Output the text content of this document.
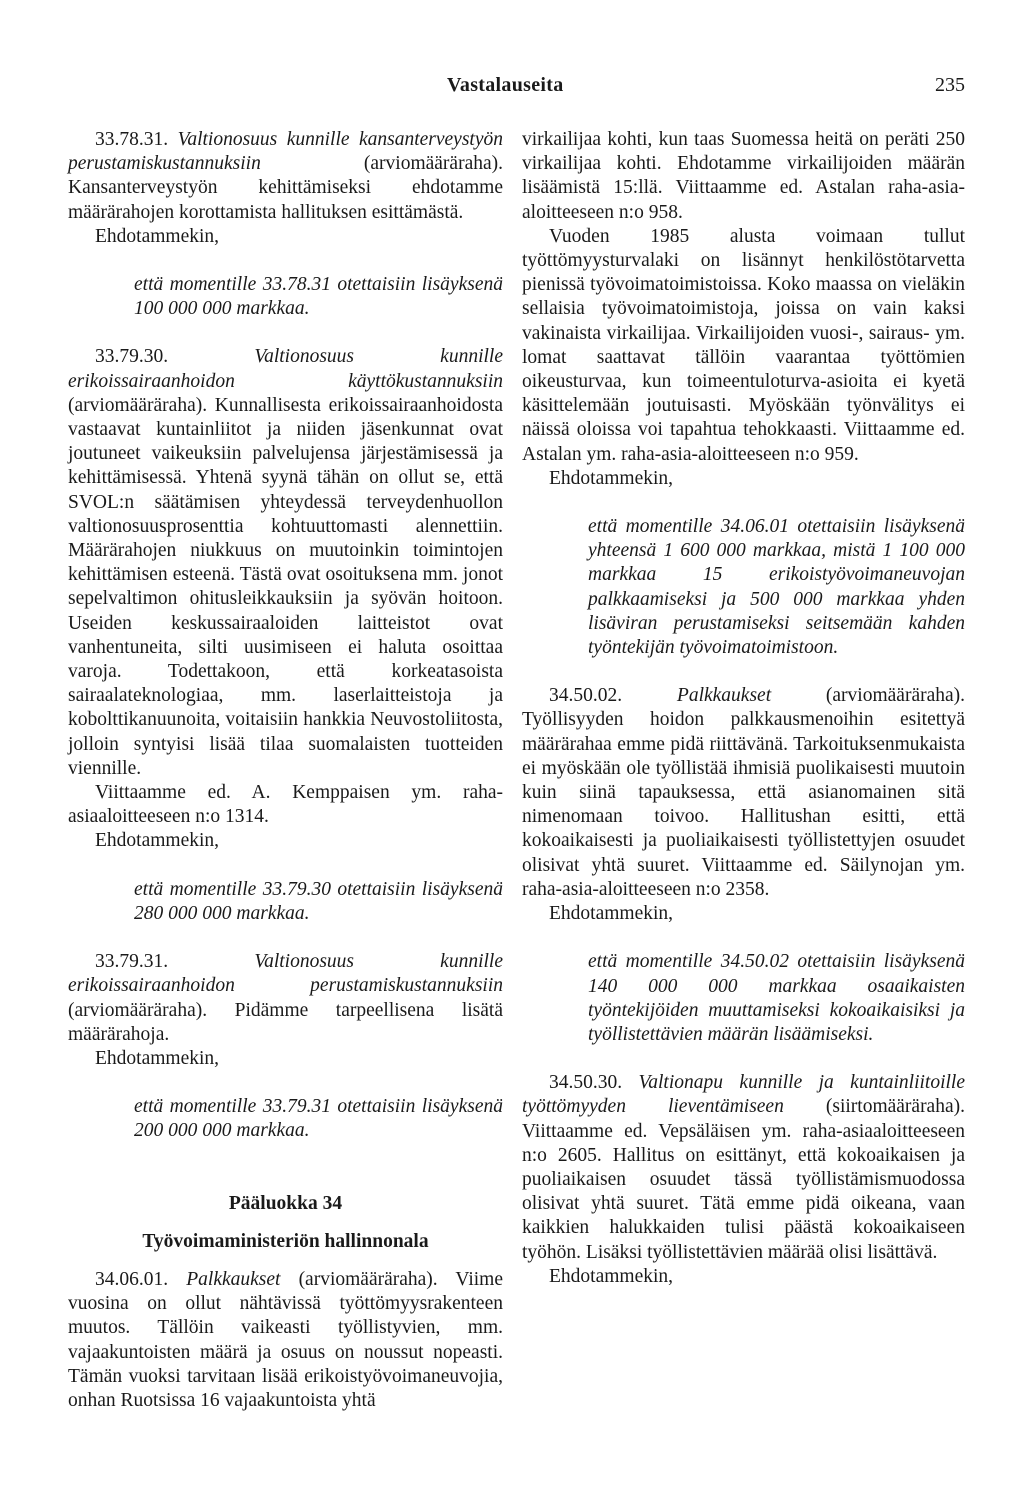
Vastalauseita	235

33.78.31. Valtionosuus kunnille kansanterveystyön perustamiskustannuksiin	(arviomääräraha). Kansanterveystyön kehittämiseksi ehdotamme määrärahojen korottamista hallituksen esittämästä.

Ehdotammekin,

että momentille 33.78.31 otettaisiin lisäyksenä 100 000 000 markkaa.

33.79.30.	Valtionosuus kunnille erikoissairaanhoidon käyttökustannuksiin (arviomääräraha). Kunnallisesta erikoissairaanhoidosta vastaavat kuntainliitot ja niiden jäsenkunnat ovat joutuneet vaikeuksiin palvelujensa järjestämisessä ja kehittämisessä. Yhtenä syynä tähän on ollut se, että SVOL:n säätämisen yhteydessä terveydenhuollon valtionosuusprosenttia kohtuuttomasti alennettiin. Määrärahojen niukkuus on muutoinkin toimintojen kehittämisen esteenä. Tästä ovat osoituksena mm. jonot sepelvaltimon ohitusleikkauksiin ja syövän hoitoon. Useiden keskussairaaloiden laitteistot ovat vanhentuneita, silti uusimiseen ei haluta osoittaa varoja. Todettakoon, että korkeatasoista sairaalateknologiaa, mm. laserlaitteistoja ja kobolttikanuunoita, voitaisiin hankkia Neuvostoliitosta, jolloin syntyisi lisää tilaa suomalaisten tuotteiden viennille.

Viittaamme ed. A. Kemppaisen ym. raha-asiaaloitteeseen n:o 1314.

Ehdotammekin,

että momentille 33.79.30 otettaisiin lisäyksenä 280 000 000 markkaa.

33.79.31.	Valtionosuus kunnille erikoissairaanhoidon perustamiskustannuksiin (arviomääräraha). Pidämme tarpeellisena lisätä määrärahoja.

Ehdotammekin,

että momentille 33.79.31 otettaisiin lisäyksenä 200 000 000 markkaa.

Pääluokka 34

Työvoimaministeriön hallinnonala

34.06.01. Palkkaukset (arviomääräraha). Viime vuosina on ollut nähtävissä työttömyysrakenteen muutos. Tällöin vaikeasti työllistyvien, mm. vajaakuntoisten määrä ja osuus on noussut nopeasti. Tämän vuoksi tarvitaan lisää erikoistyövoimaneuvojia, onhan Ruotsissa 16 vajaakuntoista yhtä

virkailijaa kohti, kun taas Suomessa heitä on peräti 250 virkailijaa kohti. Ehdotamme virkailijoiden määrän lisäämistä 15:llä. Viittaamme ed. Astalan raha-asia-aloitteeseen n:o 958.

Vuoden 1985 alusta voimaan tullut työttömyysturvalaki on lisännyt henkilöstötarvetta pienissä työvoimatoimistoissa. Koko maassa on vieläkin sellaisia työvoimatoimistoja, joissa on vain kaksi vakinaista virkailijaa. Virkailijoiden vuosi-, sairaus- ym. lomat saattavat tällöin vaarantaa työttömien oikeusturvaa, kun toimeentuloturva-asioita ei kyetä käsittelemään joutuisasti. Myöskään työnvälitys ei näissä oloissa voi tapahtua tehokkaasti. Viittaamme ed. Astalan ym. raha-asia-aloitteeseen n:o 959.

Ehdotammekin,

että momentille 34.06.01 otettaisiin lisäyksenä yhteensä 1 600 000 markkaa, mistä 1 100 000 markkaa 15 erikoistyövoimaneuvojan palkkaamiseksi ja 500 000 markkaa yhden lisäviran perustamiseksi seitsemään kahden työntekijän työvoimatoimistoon.

34.50.02.	Palkkaukset	(arviomääräraha). Työllisyyden hoidon palkkausmenoihin esitettyä määrärahaa emme pidä riittävänä. Tarkoituksenmukaista ei myöskään ole työllistää ihmisiä puolikaisesti muutoin kuin siinä tapauksessa, että asianomainen sitä nimenomaan toivoo. Hallitushan esitti, että kokoaikaisesti ja puoliaikaisesti työllistettyjen osuudet olisivat yhtä suuret. Viittaamme ed. Säilynojan ym. raha-asia-aloitteeseen n:o 2358.

Ehdotammekin,

että momentille 34.50.02 otettaisiin lisäyksenä 140 000 000 markkaa osaaikaisten työntekijöiden muuttamiseksi kokoaikaisiksi ja työllistettävien määrän lisäämiseksi.

34.50.30. Valtionapu kunnille ja kuntainliitoille työttömyyden lieventämiseen (siirtomääräraha). Viittaamme ed. Vepsäläisen ym. raha-asiaaloitteeseen n:o 2605. Hallitus on esittänyt, että kokoaikaisen ja puoliaikaisen osuudet tässä työllistämismuodossa olisivat yhtä suuret. Tätä emme pidä oikeana, vaan kaikkien halukkaiden tulisi päästä kokoaikaiseen työhön. Lisäksi työllistettävien määrää olisi lisättävä.

Ehdotammekin,
